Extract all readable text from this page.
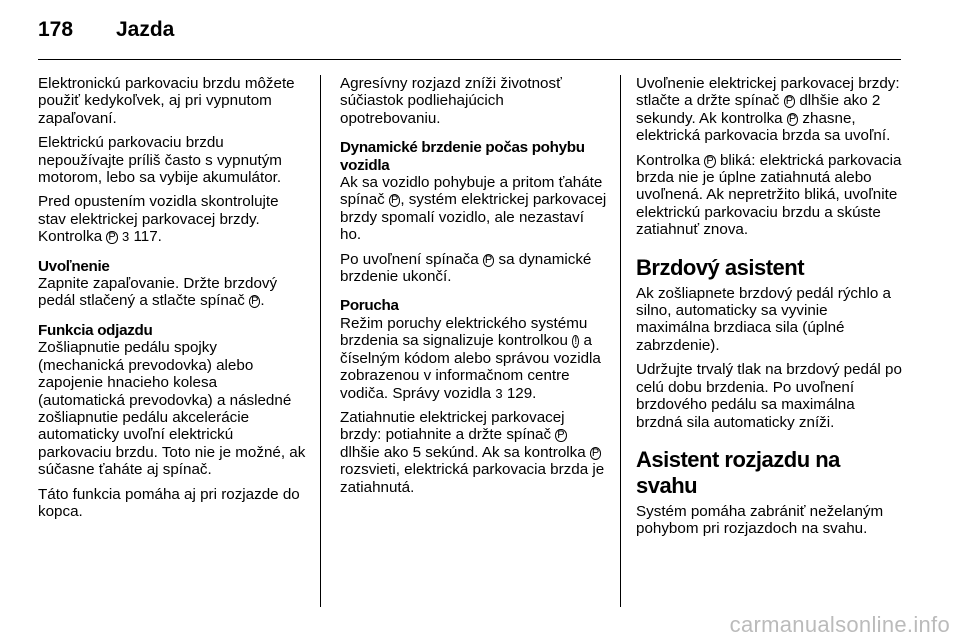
178 Jazda

Elektronickú parkovaciu brzdu môžete použiť kedykoľvek, aj pri vypnutom zapaľovaní.

Elektrickú parkovaciu brzdu nepoužívajte príliš často s vypnutým motorom, lebo sa vybije akumulátor.

Pred opustením vozidla skontrolujte stav elektrickej parkovacej brzdy. Kontrolka P 3 117.

Uvoľnenie

Zapnite zapaľovanie. Držte brzdový pedál stlačený a stlačte spínač P .

Funkcia odjazdu

Zošliapnutie pedálu spojky (mechanická prevodovka) alebo zapojenie hnacieho kolesa (automatická prevodovka) a následné zošliapnutie pedálu akcelerácie automaticky uvoľní elektrickú parkovaciu brzdu. Toto nie je možné, ak súčasne ťaháte aj spínač.

Táto funkcia pomáha aj pri rozjazde do kopca.

Agresívny rozjazd zníži životnosť súčiastok podliehajúcich opotrebovaniu.

Dynamické brzdenie počas pohybu vozidla

Ak sa vozidlo pohybuje a pritom ťaháte spínač P , systém elektrickej parkovacej brzdy spomalí vozidlo, ale nezastaví ho.

Po uvoľnení spínača P sa dynamické brzdenie ukončí.

Porucha

Režim poruchy elektrického systému brzdenia sa signalizuje kontrolkou ! a číselným kódom alebo správou vozidla zobrazenou v informačnom centre vodiča. Správy vozidla 3 129.

Zatiahnutie elektrickej parkovacej brzdy: potiahnite a držte spínač P dlhšie ako 5 sekúnd. Ak sa kontrolka P rozsvieti, elektrická parkovacia brzda je zatiahnutá.

Uvoľnenie elektrickej parkovacej brzdy: stlačte a držte spínač P dlhšie ako 2 sekundy. Ak kontrolka P zhasne, elektrická parkovacia brzda sa uvoľní.

Kontrolka P bliká: elektrická parkovacia brzda nie je úplne zatiahnutá alebo uvoľnená. Ak nepretržito bliká, uvoľnite elektrickú parkovaciu brzdu a skúste zatiahnuť znova.

Brzdový asistent

Ak zošliapnete brzdový pedál rýchlo a silno, automaticky sa vyvinie maximálna brzdiaca sila (úplné zabrzdenie).

Udržujte trvalý tlak na brzdový pedál po celú dobu brzdenia. Po uvoľnení brzdového pedálu sa maximálna brzdná sila automaticky zníži.

Asistent rozjazdu na svahu

Systém pomáha zabrániť neželaným pohybom pri rozjazdoch na svahu.

carmanualsonline.info
